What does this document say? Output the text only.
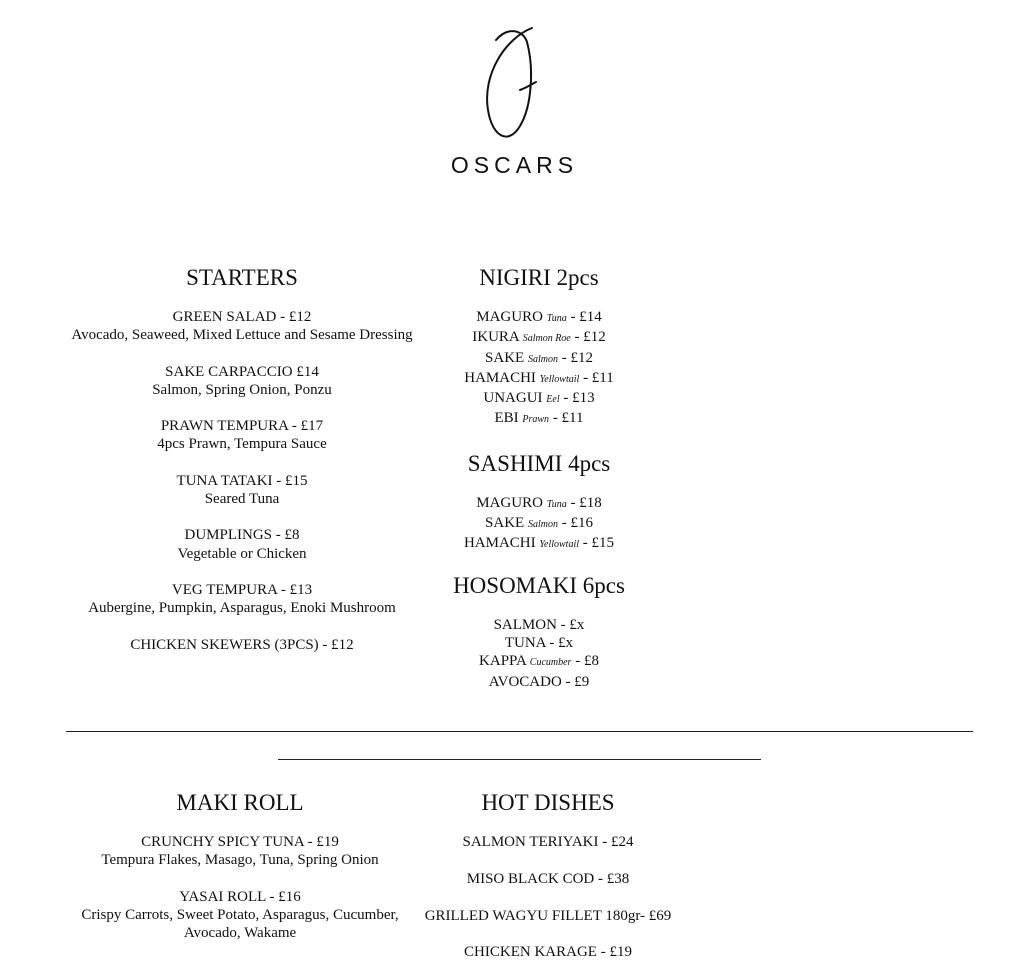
OSCARS
STARTERS
GREEN SALAD - £12
Avocado, Seaweed, Mixed Lettuce and Sesame Dressing
SAKE CARPACCIO £14
Salmon, Spring Onion, Ponzu
PRAWN TEMPURA - £17
4pcs Prawn, Tempura Sauce
TUNA TATAKI - £15
Seared Tuna
DUMPLINGS - £8
Vegetable or Chicken
VEG TEMPURA - £13
Aubergine, Pumpkin, Asparagus, Enoki Mushroom
CHICKEN SKEWERS (3PCS) - £12
NIGIRI 2pcs
MAGURO Tuna - £14
IKURA Salmon Roe - £12
SAKE Salmon - £12
HAMACHI Yellowtail - £11
UNAGUI Eel - £13
EBI Prawn - £11
SASHIMI 4pcs
MAGURO Tuna - £18
SAKE Salmon - £16
HAMACHI Yellowtail - £15
HOSOMAKI 6pcs
SALMON - £x
TUNA - £x
KAPPA Cucumber - £8
AVOCADO - £9
MAKI ROLL
CRUNCHY SPICY TUNA - £19
Tempura Flakes, Masago, Tuna, Spring Onion
YASAI ROLL - £16
Crispy Carrots, Sweet Potato, Asparagus, Cucumber,
Avocado, Wakame
HOT DISHES
SALMON TERIYAKI - £24
MISO BLACK COD - £38
GRILLED WAGYU FILLET 180gr- £69
CHICKEN KARAGE - £19
